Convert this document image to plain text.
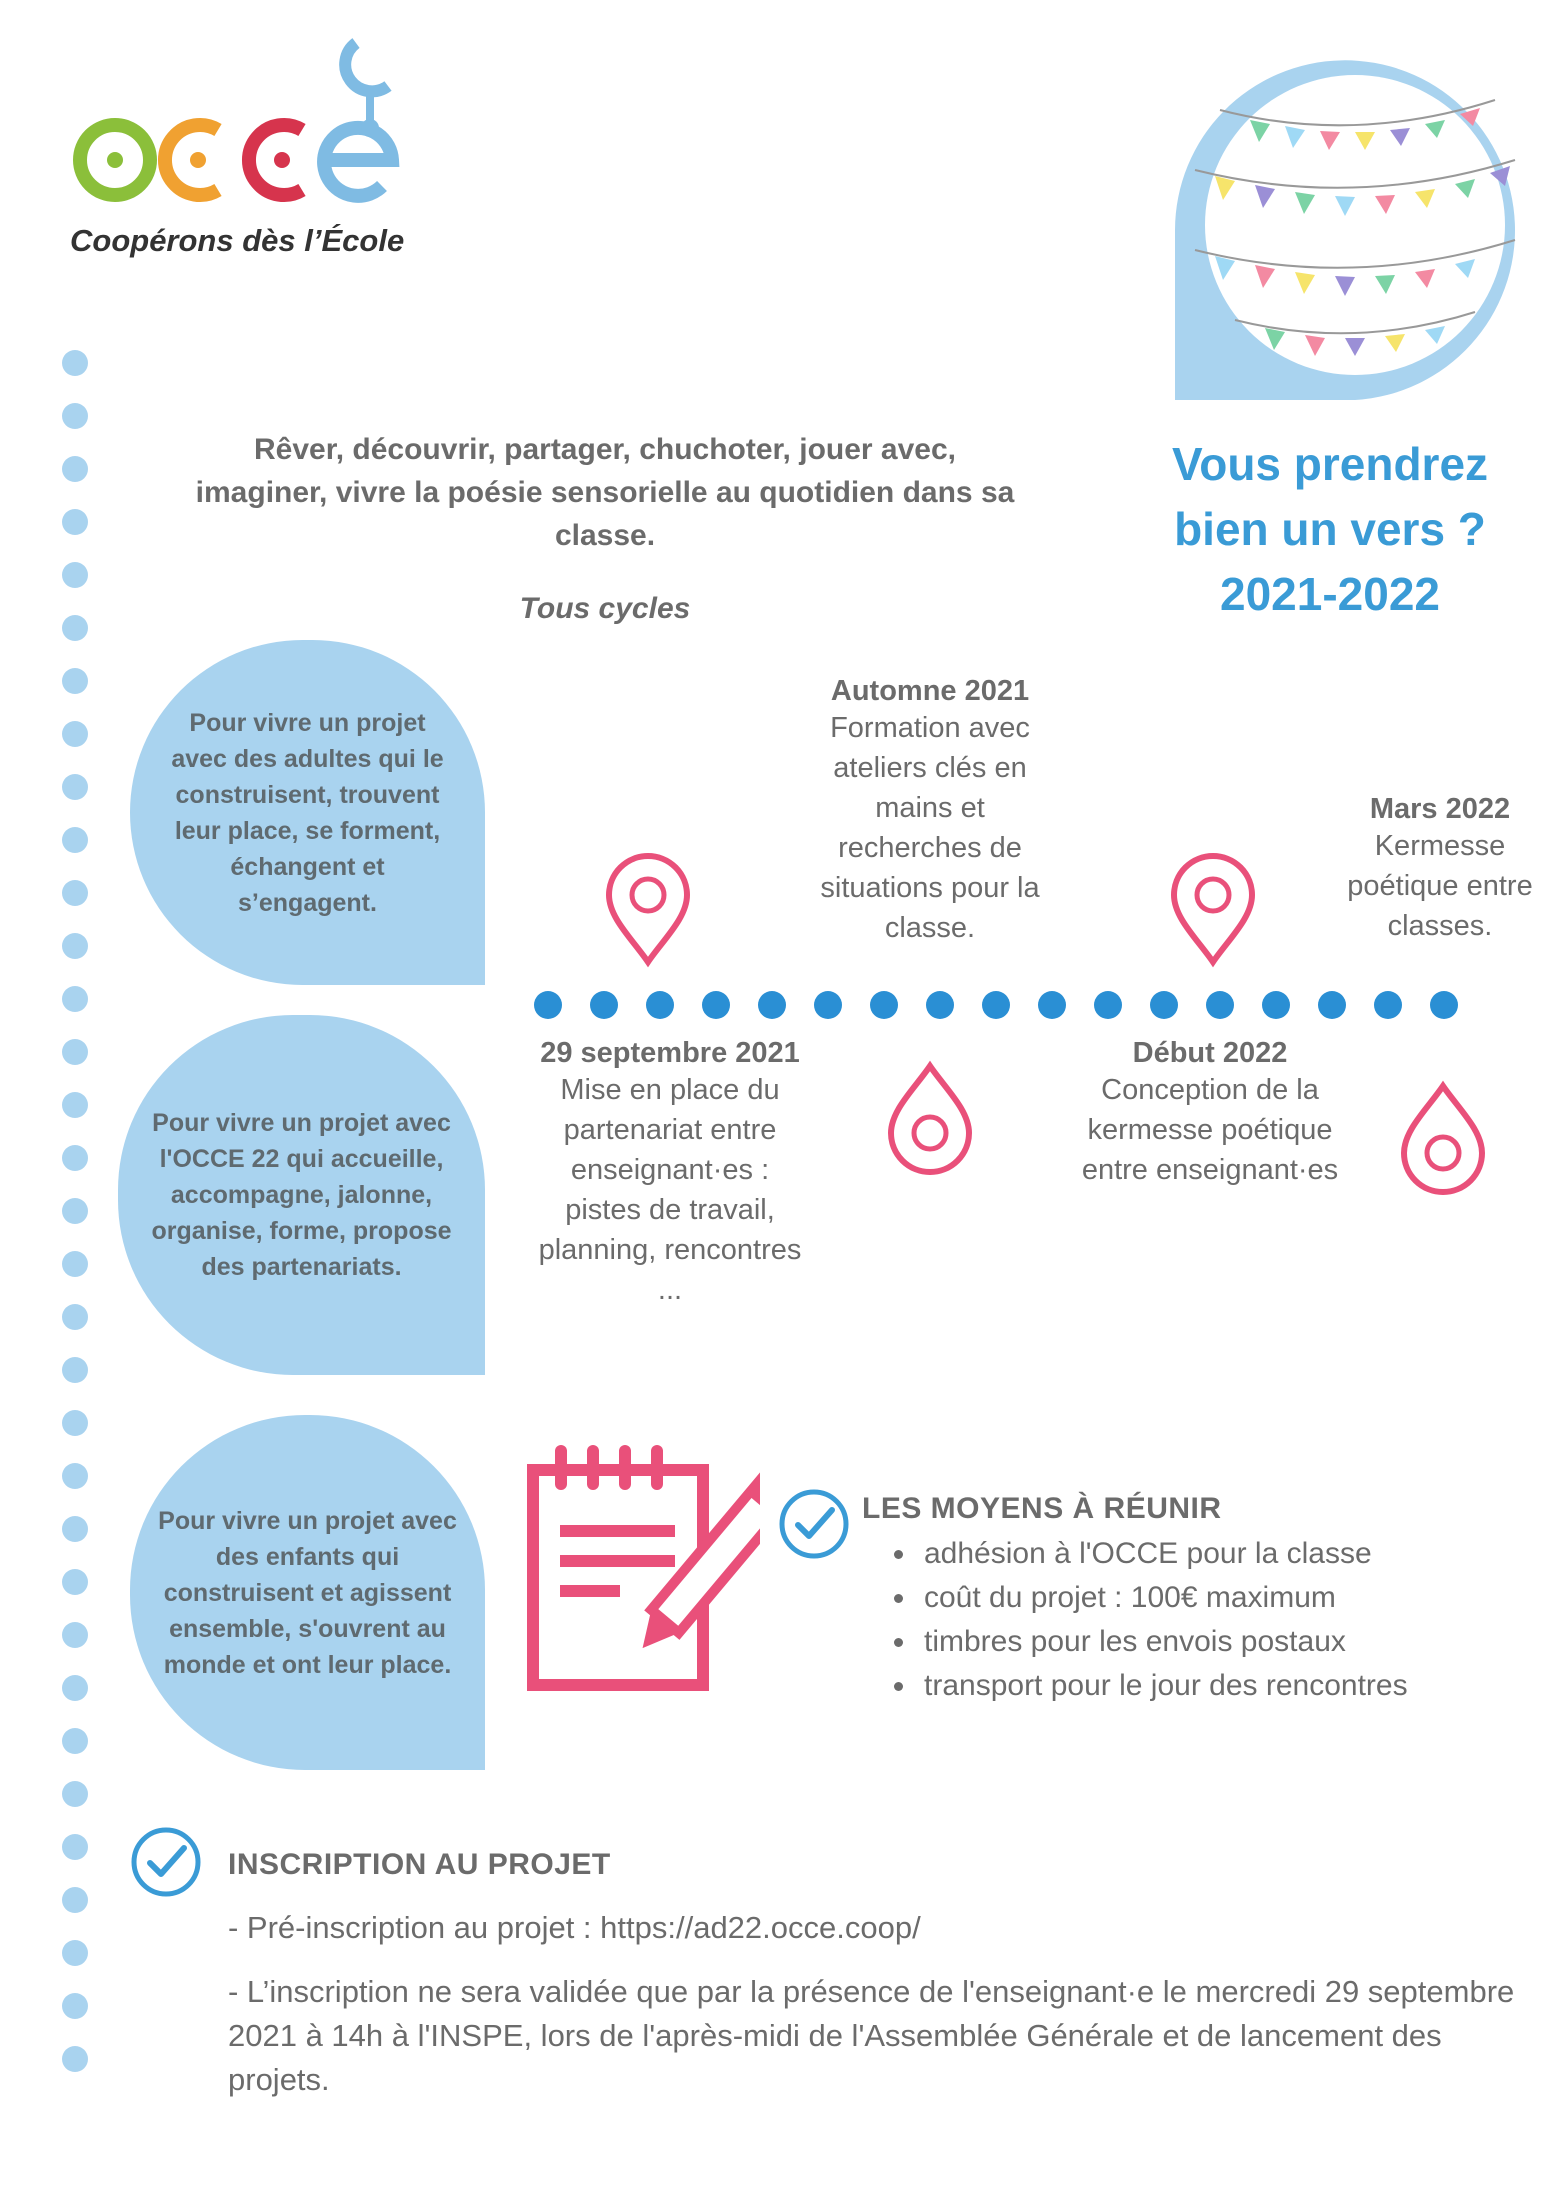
Coopérons dès l’École
Rêver, découvrir, partager, chuchoter, jouer avec, imaginer, vivre la poésie sensorielle au quotidien dans sa classe.
Tous cycles
Vous prendrez
bien un vers ?
2021-2022
Pour vivre un projet avec des adultes qui le construisent, trouvent leur place, se forment, échangent et s’engagent.
Pour vivre un projet avec l'OCCE 22 qui accueille, accompagne, jalonne, organise, forme, propose des partenariats.
Pour vivre un projet avec des enfants qui construisent et agissent ensemble, s'ouvrent au monde et ont leur place.
29 septembre 2021
Mise en place du partenariat entre enseignant·es : pistes de travail, planning, rencontres ...
Automne 2021
Formation avec ateliers clés en mains et recherches de situations pour la classe.
Début 2022
Conception de la kermesse poétique entre enseignant·es
Mars 2022
Kermesse poétique entre classes.
LES MOYENS À RÉUNIR
• adhésion à l'OCCE pour la classe
• coût du projet : 100€ maximum
• timbres pour les envois postaux
• transport pour le jour des rencontres
INSCRIPTION AU PROJET
- Pré-inscription au projet : https://ad22.occe.coop/
- L’inscription ne sera validée que par la présence de l'enseignant·e le mercredi 29 septembre 2021 à 14h à l'INSPE, lors de l'après-midi de l'Assemblée Générale et de lancement des projets.
